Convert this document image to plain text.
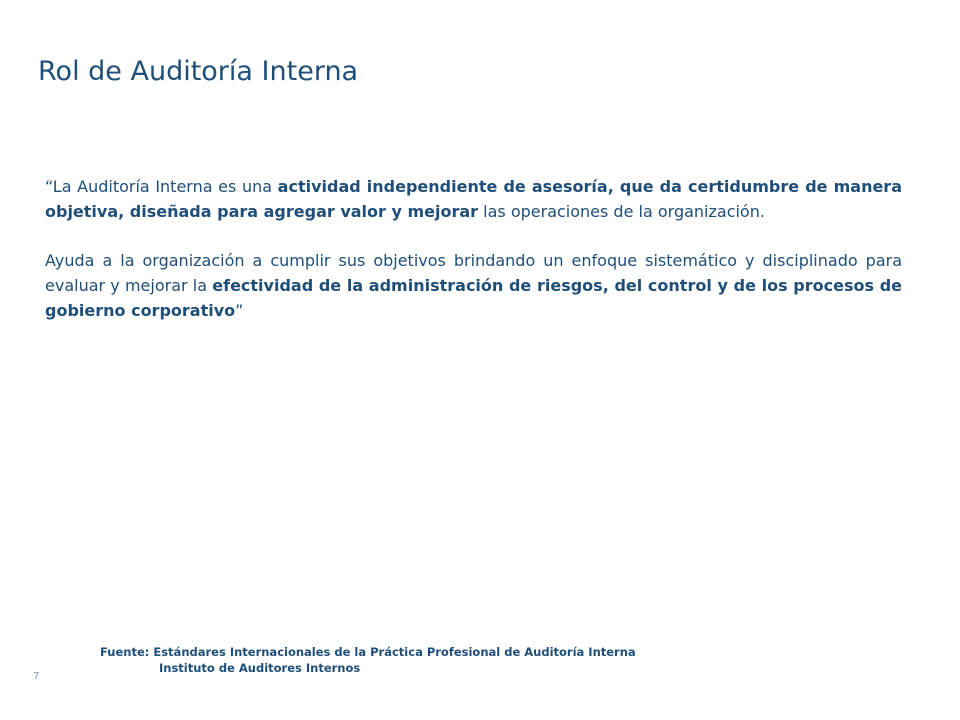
Rol de Auditoría Interna

“La Auditoría Interna es una actividad independiente de asesoría, que da certidumbre de manera objetiva, diseñada para agregar valor y mejorar las operaciones de la organización.

Ayuda a la organización a cumplir sus objetivos brindando un enfoque sistemático y disciplinado para evaluar y mejorar la efectividad de la administración de riesgos, del control y de los procesos de gobierno corporativo”

Fuente: Estándares Internacionales de la Práctica Profesional de Auditoría Interna
Instituto de Auditores Internos
7
